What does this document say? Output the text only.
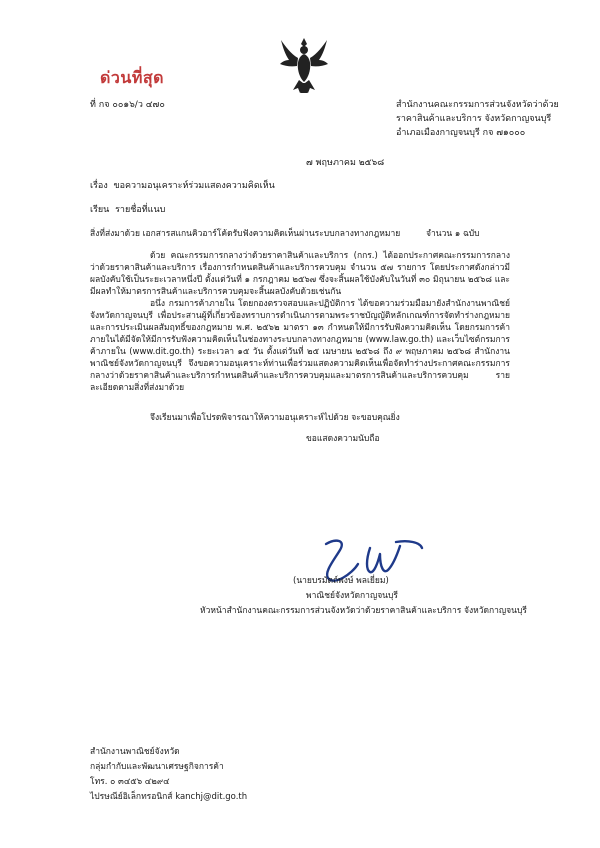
ด่วนที่สุด
ที่ กจ ๐๐๑๖/ว ๔๗๐	สำนักงานคณะกรรมการส่วนจังหวัดว่าด้วย
ราคาสินค้าและบริการ จังหวัดกาญจนบุรี
อำเภอเมืองกาญจนบุรี กจ ๗๑๐๐๐
๗ พฤษภาคม ๒๕๖๘
เรื่อง ขอความอนุเคราะห์ร่วมแสดงความคิดเห็น
เรียน รายชื่อที่แนบ
สิ่งที่ส่งมาด้วย เอกสารสแกนคิวอาร์โค้ดรับฟังความคิดเห็นผ่านระบบกลางทางกฎหมาย	จำนวน ๑ ฉบับ
ด้วย คณะกรรมการกลางว่าด้วยราคาสินค้าและบริการ (กกร.) ได้ออกประกาศคณะกรรมการกลางว่าด้วยราคาสินค้าและบริการ เรื่องการกำหนดสินค้าและบริการควบคุม จำนวน ๕๗ รายการ โดยประกาศดังกล่าวมีผลบังคับใช้เป็นระยะเวลาหนึ่งปี ตั้งแต่วันที่ ๑ กรกฎาคม ๒๕๖๗ ซึ่งจะสิ้นผลใช้บังคับในวันที่ ๓๐ มิถุนายน ๒๕๖๘ และมีผลทำให้มาตรการสินค้าและบริการควบคุมจะสิ้นผลบังคับด้วยเช่นกัน
อนึ่ง กรมการค้าภายใน โดยกองตรวจสอบและปฏิบัติการ ได้ขอความร่วมมือมายังสำนักงานพาณิชย์จังหวัดกาญจนบุรี เพื่อประสานผู้ที่เกี่ยวข้องทราบการดำเนินการตามพระราชบัญญัติหลักเกณฑ์การจัดทำร่างกฎหมายและการประเมินผลสัมฤทธิ์ของกฎหมาย พ.ศ. ๒๕๖๒ มาตรา ๑๓ กำหนดให้มีการรับฟังความคิดเห็น โดยกรมการค้าภายในได้มีจัดให้มีการรับฟังความคิดเห็นในช่องทางระบบกลางทางกฎหมาย (www.law.go.th) และเว็บไซต์กรมการค้าภายใน (www.dit.go.th) ระยะเวลา ๑๕ วัน ตั้งแต่วันที่ ๒๕ เมษายน ๒๕๖๘ ถึง ๙ พฤษภาคม ๒๕๖๘ สำนักงานพาณิชย์จังหวัดกาญจนบุรี จึงขอความอนุเคราะห์ท่านเพื่อร่วมแสดงความคิดเห็นเพื่อจัดทำร่างประกาศคณะกรรมการกลางว่าด้วยราคาสินค้าและบริการกำหนดสินค้าและบริการควบคุมและมาตรการสินค้าและบริการควบคุม รายละเอียดตามสิ่งที่ส่งมาด้วย
จึงเรียนมาเพื่อโปรดพิจารณาให้ความอนุเคราะห์ไปด้วย จะขอบคุณยิ่ง
ขอแสดงความนับถือ
(นายบรมัตถ์พงษ์ พลเยี่ยม)
พาณิชย์จังหวัดกาญจนบุรี
หัวหน้าสำนักงานคณะกรรมการส่วนจังหวัดว่าด้วยราคาสินค้าและบริการ จังหวัดกาญจนบุรี
สำนักงานพาณิชย์จังหวัด
กลุ่มกำกับและพัฒนาเศรษฐกิจการค้า
โทร. ๐ ๓๔๕๖ ๔๒๙๔
ไปรษณีย์อิเล็กทรอนิกส์ kanchj@dit.go.th
